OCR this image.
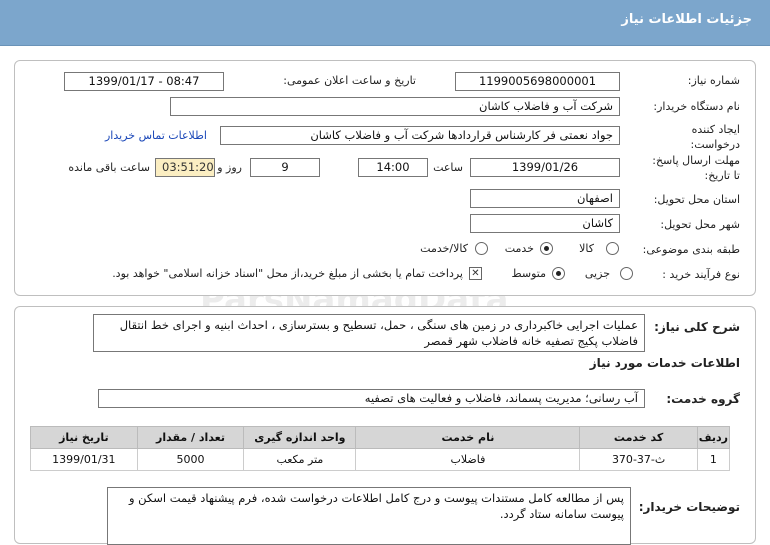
جزئیات اطلاعات نیاز
ParsNamadData
شماره نیاز:
1199005698000001
تاریخ و ساعت اعلان عمومی:
1399/01/17 - 08:47
نام دستگاه خریدار:
شرکت آب و فاضلاب کاشان
ایجاد کننده
درخواست:
جواد نعمتی فر کارشناس قراردادها شرکت آب و فاضلاب کاشان
اطلاعات تماس خریدار
مهلت ارسال پاسخ:
تا تاریخ:
1399/01/26
ساعت
14:00
9
روز و
03:51:20
ساعت باقی مانده
استان محل تحویل:
اصفهان
شهر محل تحویل:
کاشان
طبقه بندی موضوعی:
کالا
خدمت
کالا/خدمت
نوع فرآیند خرید :
جزیی
متوسط
✕
پرداخت تمام یا بخشی از مبلغ خرید،از محل "اسناد خزانه اسلامی" خواهد بود.
شرح کلی نیاز:
عملیات اجرایی خاکبرداری در زمین های سنگی ، حمل، تسطیح و بسترسازی ، احداث ابنیه و اجرای خط انتقال فاضلاب پکیج تصفیه خانه فاضلاب شهر قمصر
اطلاعات خدمات مورد نیاز
گروه خدمت:
آب رسانی؛ مدیریت پسماند، فاضلاب و فعالیت های تصفیه
ردیف	کد خدمت	نام خدمت	واحد اندازه گیری	تعداد / مقدار	تاریخ نیاز
1	ث-37-370	فاضلاب	متر مکعب	5000	1399/01/31
توضیحات خریدار:
پس از مطالعه کامل مستندات پیوست و درج کامل اطلاعات درخواست شده، فرم پیشنهاد قیمت اسکن و پیوست سامانه ستاد گردد.
